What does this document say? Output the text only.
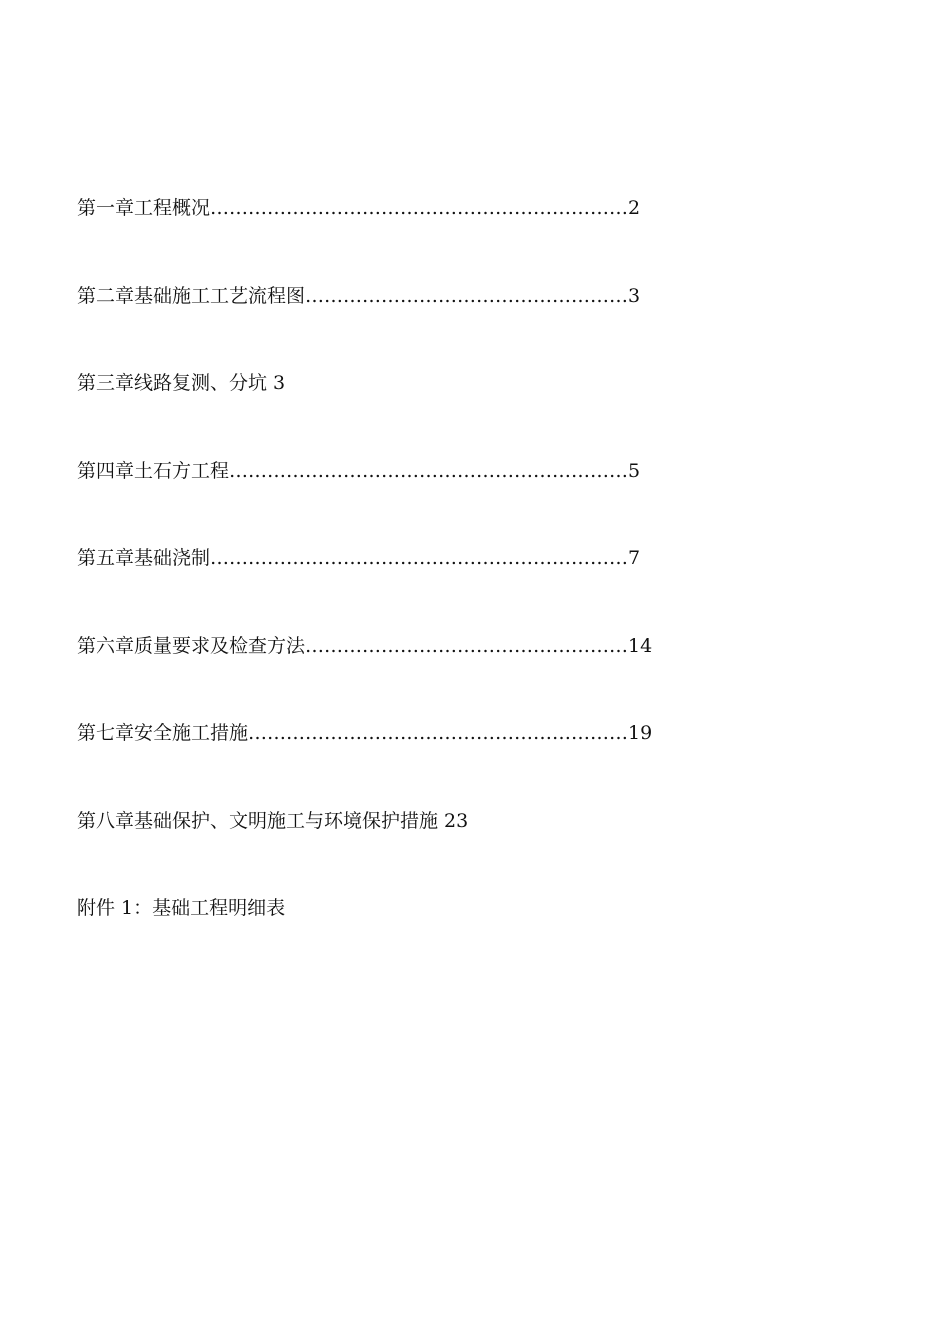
第一章工程概况…………………………………………………………2
第二章基础施工工艺流程图……………………………………………3
第三章线路复测、分坑 3
第四章土石方工程………………………………………………………5
第五章基础浇制…………………………………………………………7
第六章质量要求及检查方法……………………………………………14
第七章安全施工措施……………………………………………………19
第八章基础保护、文明施工与环境保护措施 23
附件 1：基础工程明细表
